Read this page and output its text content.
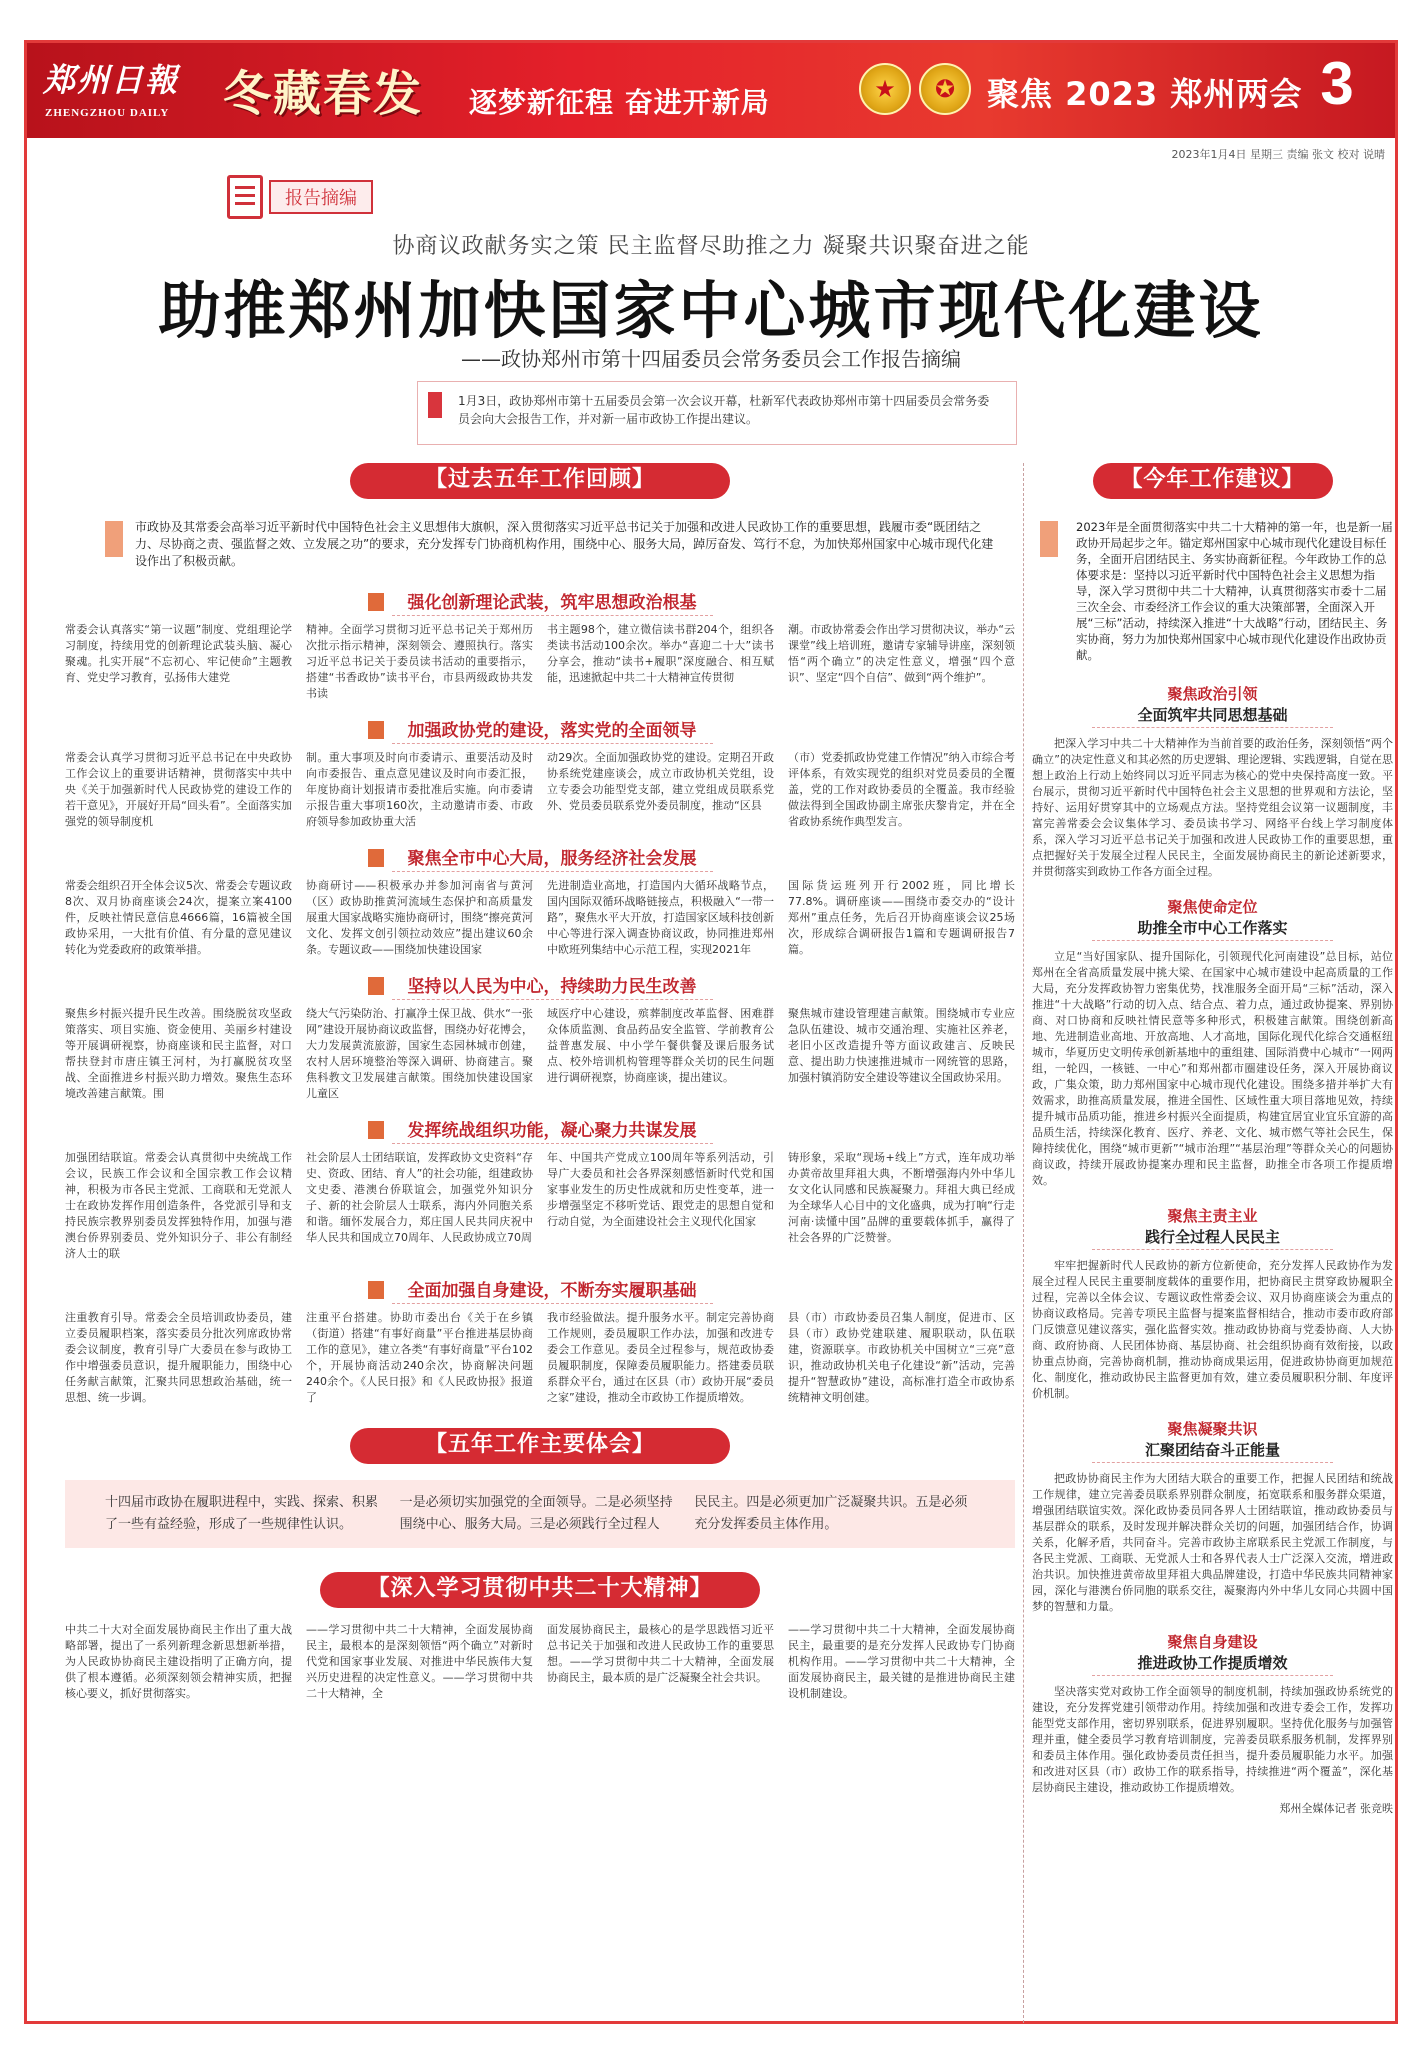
郑州日報
ZHENGZHOU DAILY 冬藏春发 逐梦新征程 奋进开新局	★	✪ 聚焦 2023 郑州两会 3
2023年1月4日 星期三 责编 张文 校对 说晴
报告摘编
协商议政献务实之策 民主监督尽助推之力 凝聚共识聚奋进之能
助推郑州加快国家中心城市现代化建设
——政协郑州市第十四届委员会常务委员会工作报告摘编
1月3日，政协郑州市第十五届委员会第一次会议开幕，杜新军代表政协郑州市第十四届委员会常务委员会向大会报告工作，并对新一届市政协工作提出建议。
【过去五年工作回顾】
市政协及其常委会高举习近平新时代中国特色社会主义思想伟大旗帜，深入贯彻落实习近平总书记关于加强和改进人民政协工作的重要思想，践履市委“既团结之力、尽协商之责、强监督之效、立发展之功”的要求，充分发挥专门协商机构作用，围绕中心、服务大局，踔厉奋发、笃行不怠，为加快郑州国家中心城市现代化建设作出了积极贡献。
强化创新理论武装，筑牢思想政治根基

常委会认真落实“第一议题”制度、党组理论学习制度，持续用党的创新理论武装头脑、凝心聚魂。扎实开展“不忘初心、牢记使命”主题教育、党史学习教育，弘扬伟大建党

精神。全面学习贯彻习近平总书记关于郑州历次批示指示精神，深刻领会、遵照执行。落实习近平总书记关于委员读书活动的重要指示，搭建“书香政协”读书平台，市县两级政协共发书读

书主题98个，建立微信读书群204个，组织各类读书活动100余次。举办“喜迎二十大”读书分享会，推动“读书+履职”深度融合、相互赋能，迅速掀起中共二十大精神宣传贯彻

潮。市政协常委会作出学习贯彻决议，举办“云课堂”线上培训班，邀请专家辅导讲座，深刻领悟“两个确立”的决定性意义，增强“四个意识”、坚定“四个自信”、做到“两个维护”。

加强政协党的建设，落实党的全面领导

常委会认真学习贯彻习近平总书记在中央政协工作会议上的重要讲话精神，贯彻落实中共中央《关于加强新时代人民政协党的建设工作的若干意见》，开展好开局“回头看”。全面落实加强党的领导制度机

制。重大事项及时向市委请示、重要活动及时向市委报告、重点意见建议及时向市委汇报，年度协商计划报请市委批准后实施。向市委请示报告重大事项160次，主动邀请市委、市政府领导参加政协重大活

动29次。全面加强政协党的建设。定期召开政协系统党建座谈会，成立市政协机关党组，设立专委会功能型党支部，建立党组成员联系党外、党员委员联系党外委员制度，推动“区县

（市）党委抓政协党建工作情况”纳入市综合考评体系，有效实现党的组织对党员委员的全覆盖，党的工作对政协委员的全覆盖。我市经验做法得到全国政协副主席张庆黎肯定，并在全省政协系统作典型发言。

聚焦全市中心大局，服务经济社会发展

常委会组织召开全体会议5次、常委会专题议政8次、双月协商座谈会24次，提案立案4100件，反映社情民意信息4666篇，16篇被全国政协采用，一大批有价值、有分量的意见建议转化为党委政府的政策举措。

协商研讨——积极承办并参加河南省与黄河（区）政协助推黄河流域生态保护和高质量发展重大国家战略实施协商研讨，围绕“擦亮黄河文化、发挥文创引领拉动效应”提出建议60余条。专题议政——围绕加快建设国家

先进制造业高地，打造国内大循环战略节点，国内国际双循环战略链接点，积极融入“一带一路”，聚焦水平大开放，打造国家区域科技创新中心等进行深入调查协商议政，协同推进郑州中欧班列集结中心示范工程，实现2021年

国际货运班列开行2002班，同比增长77.8%。调研座谈——围绕市委交办的“设计郑州”重点任务，先后召开协商座谈会议25场次，形成综合调研报告1篇和专题调研报告7篇。

坚持以人民为中心，持续助力民生改善

聚焦乡村振兴提升民生改善。围绕脱贫攻坚政策落实、项目实施、资金使用、美丽乡村建设等开展调研视察，协商座谈和民主监督，对口帮扶登封市唐庄镇王河村，为打赢脱贫攻坚战、全面推进乡村振兴助力增效。聚焦生态环境改善建言献策。围

绕大气污染防治、打赢净土保卫战、供水“一张网”建设开展协商议政监督，围绕办好花博会，大力发展黄流旅游，国家生态园林城市创建，农村人居环境整治等深入调研、协商建言。聚焦科教文卫发展建言献策。围绕加快建设国家儿童区

域医疗中心建设，殡葬制度改革监督、困难群众体质监测、食品药品安全监管、学前教育公益普惠发展、中小学午餐供餐及课后服务试点、校外培训机构管理等群众关切的民生问题进行调研视察，协商座谈，提出建议。

聚焦城市建设管理建言献策。围绕城市专业应急队伍建设、城市交通治理、实施社区养老，老旧小区改造提升等方面议政建言、反映民意、提出助力快速推进城市一网统管的思路，加强村镇消防安全建设等建议全国政协采用。

发挥统战组织功能，凝心聚力共谋发展

加强团结联谊。常委会认真贯彻中央统战工作会议，民族工作会议和全国宗教工作会议精神，积极为市各民主党派、工商联和无党派人士在政协发挥作用创造条件，各党派引导和支持民族宗教界别委员发挥独特作用，加强与港澳台侨界别委员、党外知识分子、非公有制经济人士的联

社会阶层人士团结联谊，发挥政协文史资料“存史、资政、团结、育人”的社会功能，组建政协文史委、港澳台侨联谊会，加强党外知识分子、新的社会阶层人士联系，海内外同胞关系和谐。缅怀发展合力，郑庄国人民共同庆祝中华人民共和国成立70周年、人民政协成立70周

年、中国共产党成立100周年等系列活动，引导广大委员和社会各界深刻感悟新时代党和国家事业发生的历史性成就和历史性变革，进一步增强坚定不移听党话、跟党走的思想自觉和行动自觉，为全面建设社会主义现代化国家

铸形象，采取“现场+线上”方式，连年成功举办黄帝故里拜祖大典，不断增强海内外中华儿女文化认同感和民族凝聚力。拜祖大典已经成为全球华人心目中的文化盛典，成为打响“行走河南·读懂中国”品牌的重要载体抓手，赢得了社会各界的广泛赞誉。

全面加强自身建设，不断夯实履职基础

注重教育引导。常委会全员培训政协委员，建立委员履职档案，落实委员分批次列席政协常委会议制度，教育引导广大委员在参与政协工作中增强委员意识，提升履职能力，围绕中心任务献言献策，汇聚共同思想政治基础，统一思想、统一步调。

注重平台搭建。协助市委出台《关于在乡镇（街道）搭建“有事好商量”平台推进基层协商工作的意见》，建立各类“有事好商量”平台102个，开展协商活动240余次，协商解决问题240余个。《人民日报》和《人民政协报》报道了

我市经验做法。提升服务水平。制定完善协商工作规则，委员履职工作办法，加强和改进专委会工作意见。委员全过程参与，规范政协委员履职制度，保障委员履职能力。搭建委员联系群众平台，通过在区县（市）政协开展“委员之家”建设，推动全市政协工作提质增效。

县（市）市政协委员召集人制度，促进市、区县（市）政协党建联建、履职联动，队伍联建，资源联享。市政协机关中国树立“三亮”意识，推动政协机关电子化建设“新”活动，完善提升“智慧政协”建设，高标准打造全市政协系统精神文明创建。

【五年工作主要体会】

十四届市政协在履职进程中，实践、探索、积累了一些有益经验，形成了一些规律性认识。

一是必须切实加强党的全面领导。二是必须坚持围绕中心、服务大局。三是必须践行全过程人

民民主。四是必须更加广泛凝聚共识。五是必须充分发挥委员主体作用。

【深入学习贯彻中共二十大精神】

中共二十大对全面发展协商民主作出了重大战略部署，提出了一系列新理念新思想新举措，为人民政协协商民主建设指明了正确方向，提供了根本遵循。必须深刻领会精神实质，把握核心要义，抓好贯彻落实。

——学习贯彻中共二十大精神，全面发展协商民主，最根本的是深刻领悟“两个确立”对新时代党和国家事业发展、对推进中华民族伟大复兴历史进程的决定性意义。——学习贯彻中共二十大精神，全

面发展协商民主，最核心的是学思践悟习近平总书记关于加强和改进人民政协工作的重要思想。——学习贯彻中共二十大精神，全面发展协商民主，最本质的是广泛凝聚全社会共识。

——学习贯彻中共二十大精神，全面发展协商民主，最重要的是充分发挥人民政协专门协商机构作用。——学习贯彻中共二十大精神，全面发展协商民主，最关键的是推进协商民主建设机制建设。

【今年工作建议】
2023年是全面贯彻落实中共二十大精神的第一年，也是新一届政协开局起步之年。锚定郑州国家中心城市现代化建设目标任务，全面开启团结民主、务实协商新征程。今年政协工作的总体要求是：坚持以习近平新时代中国特色社会主义思想为指导，深入学习贯彻中共二十大精神，认真贯彻落实市委十二届三次全会、市委经济工作会议的重大决策部署，全面深入开展“三标”活动，持续深入推进“十大战略”行动，团结民主、务实协商，努力为加快郑州国家中心城市现代化建设作出政协贡献。
聚焦政治引领
全面筑牢共同思想基础
把深入学习中共二十大精神作为当前首要的政治任务，深刻领悟“两个确立”的决定性意义和其必然的历史逻辑、理论逻辑、实践逻辑，自觉在思想上政治上行动上始终同以习近平同志为核心的党中央保持高度一致。平台展示，贯彻习近平新时代中国特色社会主义思想的世界观和方法论，坚持好、运用好贯穿其中的立场观点方法。坚持党组会议第一议题制度，丰富完善常委会会议集体学习、委员读书学习、网络平台线上学习制度体系，深入学习习近平总书记关于加强和改进人民政协工作的重要思想，重点把握好关于发展全过程人民民主，全面发展协商民主的新论述新要求，并贯彻落实到政协工作各方面全过程。
聚焦使命定位
助推全市中心工作落实
立足“当好国家队、提升国际化，引领现代化河南建设”总目标，站位郑州在全省高质量发展中挑大梁、在国家中心城市建设中起高质量的工作大局，充分发挥政协智力密集优势，找准服务全面开局“三标”活动，深入推进“十大战略”行动的切入点、结合点、着力点，通过政协提案、界别协商、对口协商和反映社情民意等多种形式，积极建言献策。围绕创新高地、先进制造业高地、开放高地、人才高地，国际化现代化综合交通枢纽城市，华夏历史文明传承创新基地中的重组建、国际消费中心城市“一网两组，一轮四，一核链、一中心”和郑州都市圈建设任务，深入开展协商议政，广集众策，助力郑州国家中心城市现代化建设。围绕多措并举扩大有效需求，助推高质量发展，推进全国性、区域性重大项目落地见效，持续提升城市品质功能，推进乡村振兴全面提质，构建宜居宜业宜乐宜游的高品质生活，持续深化教育、医疗、养老、文化、城市燃气等社会民生，保障持续优化，围绕“城市更新”“城市治理”“基层治理”等群众关心的问题协商议政，持续开展政协提案办理和民主监督，助推全市各项工作提质增效。
聚焦主责主业
践行全过程人民民主
牢牢把握新时代人民政协的新方位新使命，充分发挥人民政协作为发展全过程人民民主重要制度载体的重要作用，把协商民主贯穿政协履职全过程，完善以全体会议、专题议政性常委会议、双月协商座谈会为重点的协商议政格局。完善专项民主监督与提案监督相结合，推动市委市政府部门反馈意见建议落实，强化监督实效。推动政协协商与党委协商、人大协商、政府协商、人民团体协商、基层协商、社会组织协商有效衔接，以政协重点协商，完善协商机制，推动协商成果运用，促进政协协商更加规范化、制度化，推动政协民主监督更加有效，建立委员履职积分制、年度评价机制。
聚焦凝聚共识
汇聚团结奋斗正能量
把政协协商民主作为大团结大联合的重要工作，把握人民团结和统战工作规律，建立完善委员联系界别群众制度，拓宽联系和服务群众渠道，增强团结联谊实效。深化政协委员同各界人士团结联谊，推动政协委员与基层群众的联系，及时发现并解决群众关切的问题，加强团结合作，协调关系，化解矛盾，共同奋斗。完善市政协主席联系民主党派工作制度，与各民主党派、工商联、无党派人士和各界代表人士广泛深入交流，增进政治共识。加快推进黄帝故里拜祖大典品牌建设，打造中华民族共同精神家园，深化与港澳台侨同胞的联系交往，凝聚海内外中华儿女同心共圆中国梦的智慧和力量。
聚焦自身建设
推进政协工作提质增效
坚决落实党对政协工作全面领导的制度机制，持续加强政协系统党的建设，充分发挥党建引领带动作用。持续加强和改进专委会工作，发挥功能型党支部作用，密切界别联系，促进界别履职。坚持优化服务与加强管理并重，健全委员学习教育培训制度，完善委员联系服务机制，发挥界别和委员主体作用。强化政协委员责任担当，提升委员履职能力水平。加强和改进对区县（市）政协工作的联系指导，持续推进“两个覆盖”，深化基层协商民主建设，推动政协工作提质增效。
郑州全媒体记者 张竞昳
